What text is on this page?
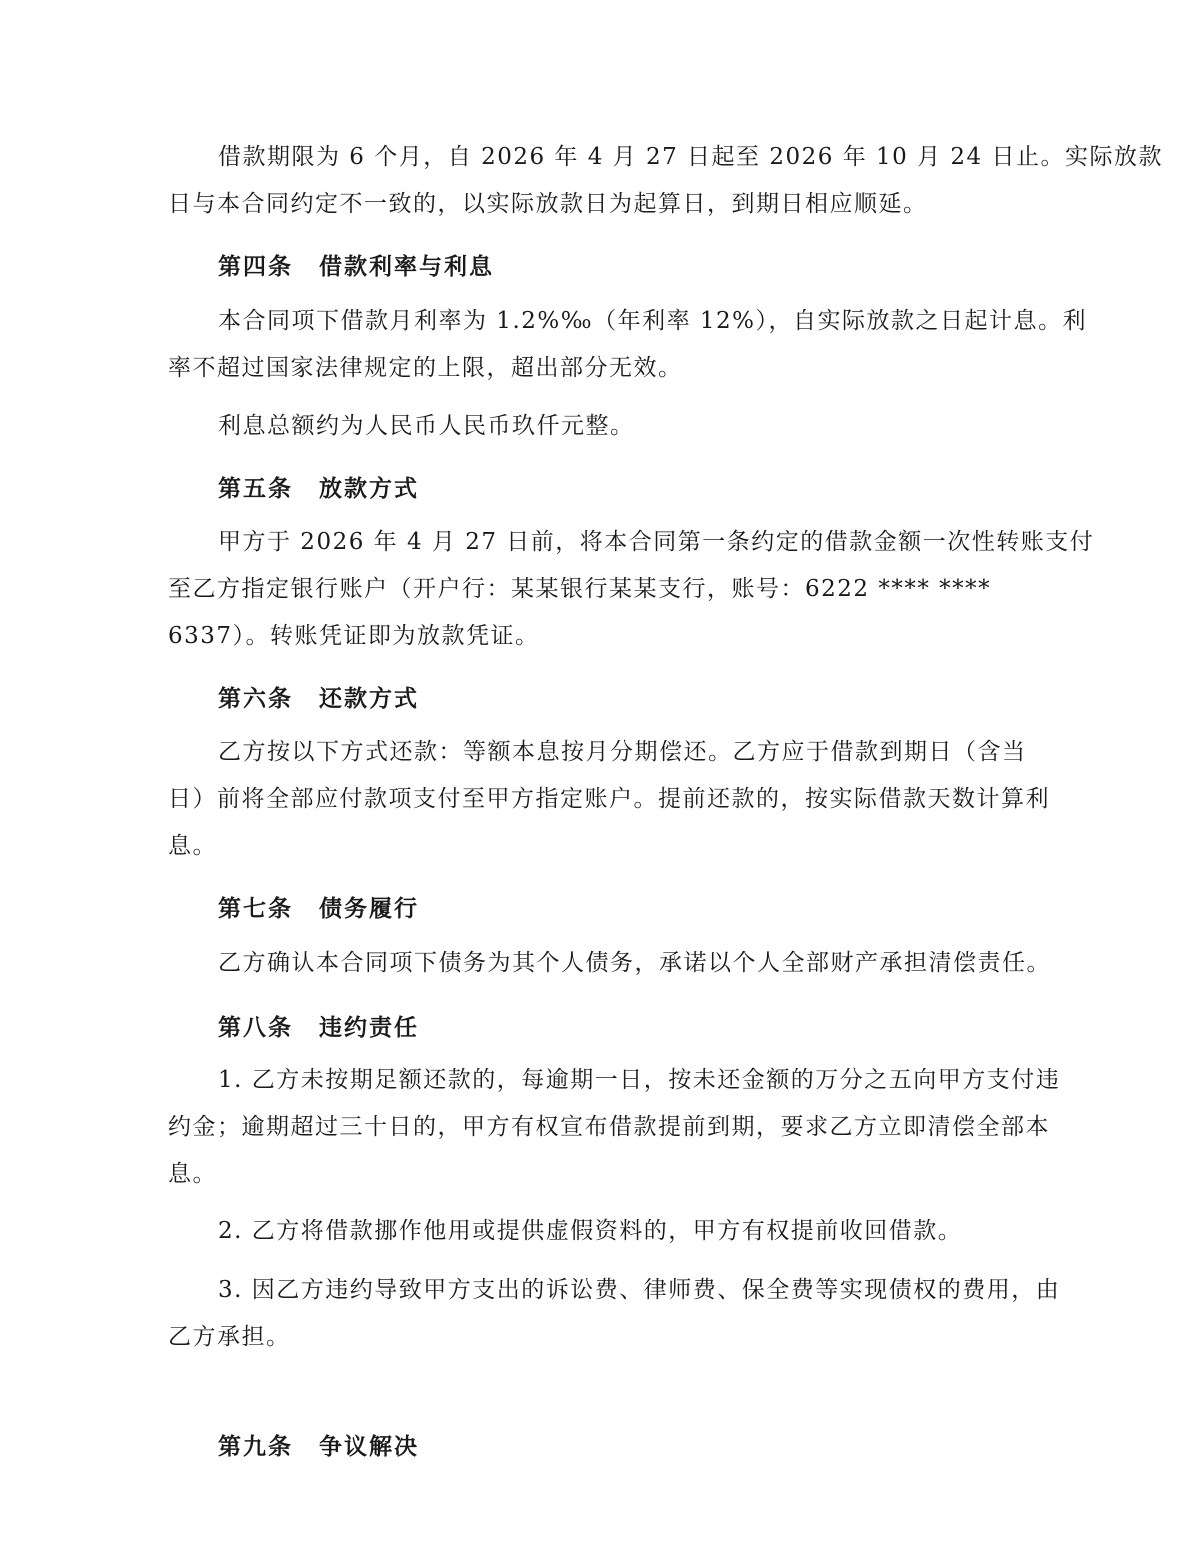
借款期限为 6 个月，自 2026 年 4 月 27 日起至 2026 年 10 月 24 日止。实际放款
日与本合同约定不一致的，以实际放款日为起算日，到期日相应顺延。
第四条 借款利率与利息
本合同项下借款月利率为 1.2%‰（年利率 12%），自实际放款之日起计息。利
率不超过国家法律规定的上限，超出部分无效。
利息总额约为人民币人民币玖仟元整。
第五条 放款方式
甲方于 2026 年 4 月 27 日前，将本合同第一条约定的借款金额一次性转账支付
至乙方指定银行账户（开户行：某某银行某某支行，账号：6222 **** ****
6337）。转账凭证即为放款凭证。
第六条 还款方式
乙方按以下方式还款：等额本息按月分期偿还。乙方应于借款到期日（含当
日）前将全部应付款项支付至甲方指定账户。提前还款的，按实际借款天数计算利
息。
第七条 债务履行
乙方确认本合同项下债务为其个人债务，承诺以个人全部财产承担清偿责任。
第八条 违约责任
1. 乙方未按期足额还款的，每逾期一日，按未还金额的万分之五向甲方支付违
约金；逾期超过三十日的，甲方有权宣布借款提前到期，要求乙方立即清偿全部本
息。
2. 乙方将借款挪作他用或提供虚假资料的，甲方有权提前收回借款。
3. 因乙方违约导致甲方支出的诉讼费、律师费、保全费等实现债权的费用，由
乙方承担。
第九条 争议解决
